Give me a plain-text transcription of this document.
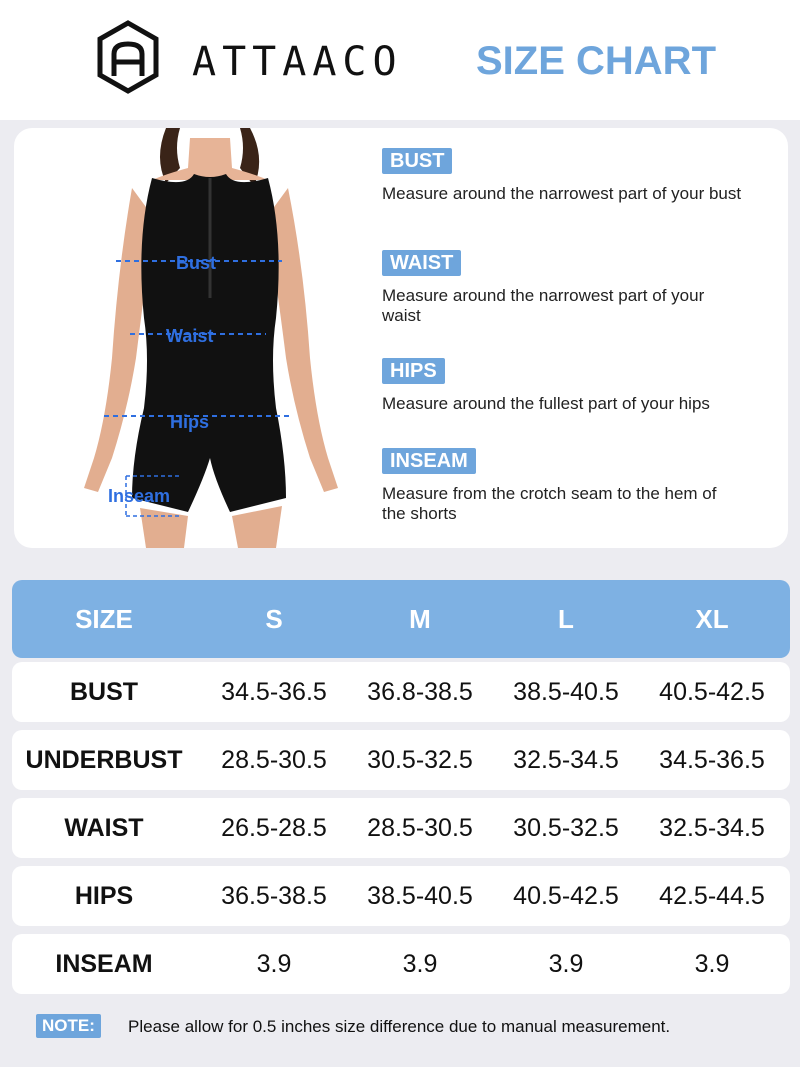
ATTAACO SIZE CHART
Bust
Waist
Hips
Inseam
BUST
Measure around the narrowest part of your bust
WAIST
Measure around the narrowest part of your waist
HIPS
Measure around the fullest part of your hips
INSEAM
Measure from the crotch seam to the hem of the shorts
SIZE	S	M	L	XL
BUST	34.5-36.5	36.8-38.5	38.5-40.5	40.5-42.5
UNDERBUST	28.5-30.5	30.5-32.5	32.5-34.5	34.5-36.5
WAIST	26.5-28.5	28.5-30.5	30.5-32.5	32.5-34.5
HIPS	36.5-38.5	38.5-40.5	40.5-42.5	42.5-44.5
INSEAM	3.9	3.9	3.9	3.9
NOTE:	Please allow for 0.5 inches size difference due to manual measurement.
